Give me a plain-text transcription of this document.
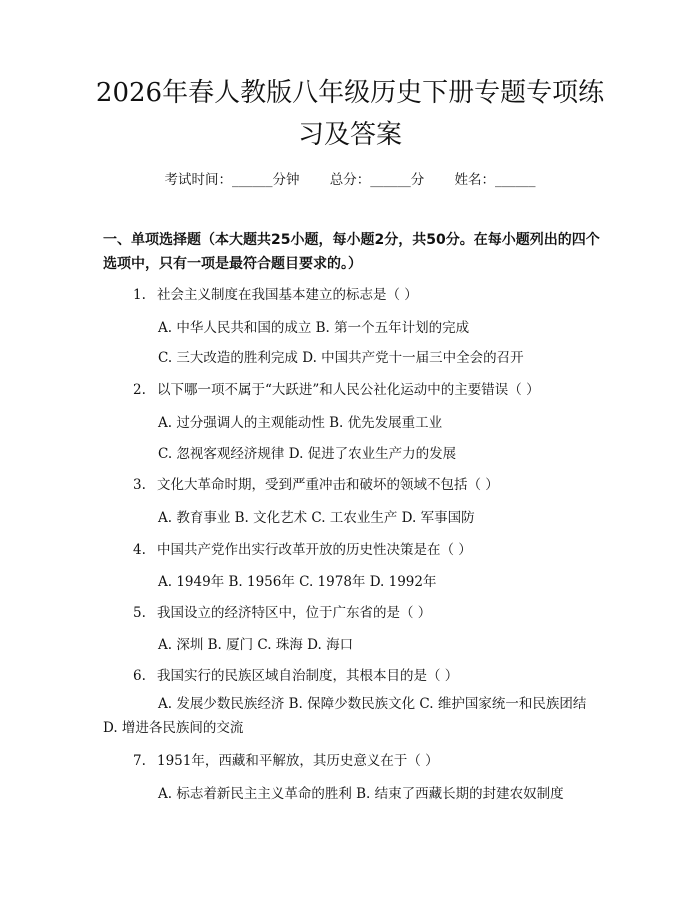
2026年春人教版八年级历史下册专题专项练习及答案
考试时间：______分钟 总分：______分 姓名：______
一、单项选择题（本大题共25小题，每小题2分，共50分。在每小题列出的四个选项中，只有一项是最符合题目要求的。）
1. 社会主义制度在我国基本建立的标志是（ ）
A. 中华人民共和国的成立 B. 第一个五年计划的完成
C. 三大改造的胜利完成 D. 中国共产党十一届三中全会的召开
2. 以下哪一项不属于“大跃进”和人民公社化运动中的主要错误（ ）
A. 过分强调人的主观能动性 B. 优先发展重工业
C. 忽视客观经济规律 D. 促进了农业生产力的发展
3. 文化大革命时期，受到严重冲击和破坏的领域不包括（ ）
A. 教育事业 B. 文化艺术 C. 工农业生产 D. 军事国防
4. 中国共产党作出实行改革开放的历史性决策是在（ ）
A. 1949年 B. 1956年 C. 1978年 D. 1992年
5. 我国设立的经济特区中，位于广东省的是（ ）
A. 深圳 B. 厦门 C. 珠海 D. 海口
6. 我国实行的民族区域自治制度，其根本目的是（ ）
A. 发展少数民族经济 B. 保障少数民族文化 C. 维护国家统一和民族团结 D. 增进各民族间的交流
7. 1951年，西藏和平解放，其历史意义在于（ ）
A. 标志着新民主主义革命的胜利 B. 结束了西藏长期的封建农奴制度
